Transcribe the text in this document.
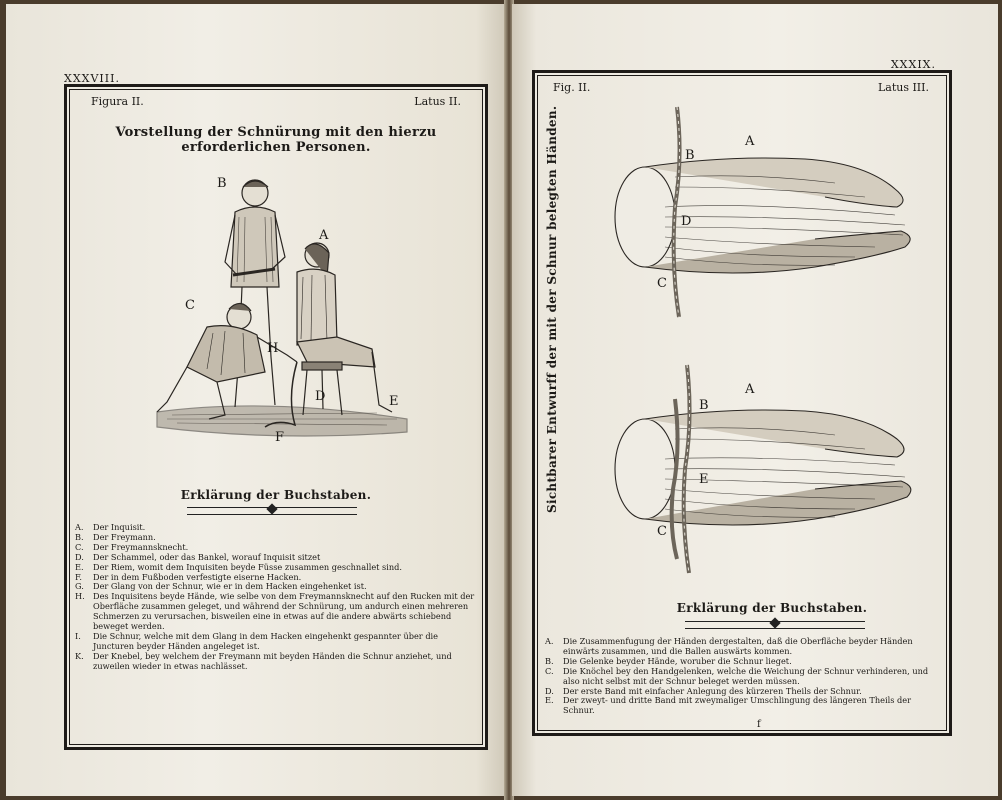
XXXVIII.
Figura II.	Latus II.
Vorstellung der Schnürung mit den hierzu erforderlichen Personen.
B
A
C
H
D	E
F
Erklärung der Buchstaben.
A.	Der Inquisit.
B.	Der Freymann.
C.	Der Freymannsknecht.
D.	Der Schammel, oder das Bankel, worauf Inquisit sitzet
E.	Der Riem, womit dem Inquisiten beyde Füsse zusammen geschnallet sind.
F.	Der in dem Fußboden verfestigte eiserne Hacken.
G.	Der Glang von der Schnur, wie er in dem Hacken eingehenket ist.
H.	Des Inquisitens beyde Hände, wie selbe von dem Freymannsknecht auf den Rucken mit der Oberfläche zusammen geleget, und während der Schnürung, um andurch einen mehreren Schmerzen zu verursachen, bisweilen eine in etwas auf die andere abwärts schiebend beweget werden.
I.	Die Schnur, welche mit dem Glang in dem Hacken eingehenkt gespannter über die Juncturen beyder Händen angeleget ist.
K.	Der Knebel, bey welchem der Freymann mit beyden Händen die Schnur anziehet, und zuweilen wieder in etwas nachlässet.
XXXIX.
Fig. II.	Latus III.
Sichtbarer Entwurff der mit der Schnur belegten Händen.	A
B
C
D
A
B
C
E
Erklärung der Buchstaben.
A.	Die Zusammenfugung der Händen dergestalten, daß die Oberfläche beyder Händen einwärts zusammen, und die Ballen auswärts kommen.
B.	Die Gelenke beyder Hände, woruber die Schnur lieget.
C.	Die Knöchel bey den Handgelenken, welche die Weichung der Schnur verhinderen, und also nicht selbst mit der Schnur beleget werden müssen.
D.	Der erste Band mit einfacher Anlegung des kürzeren Theils der Schnur.
E.	Der zweyt- und dritte Band mit zweymaliger Umschlingung des längeren Theils der Schnur.
f
